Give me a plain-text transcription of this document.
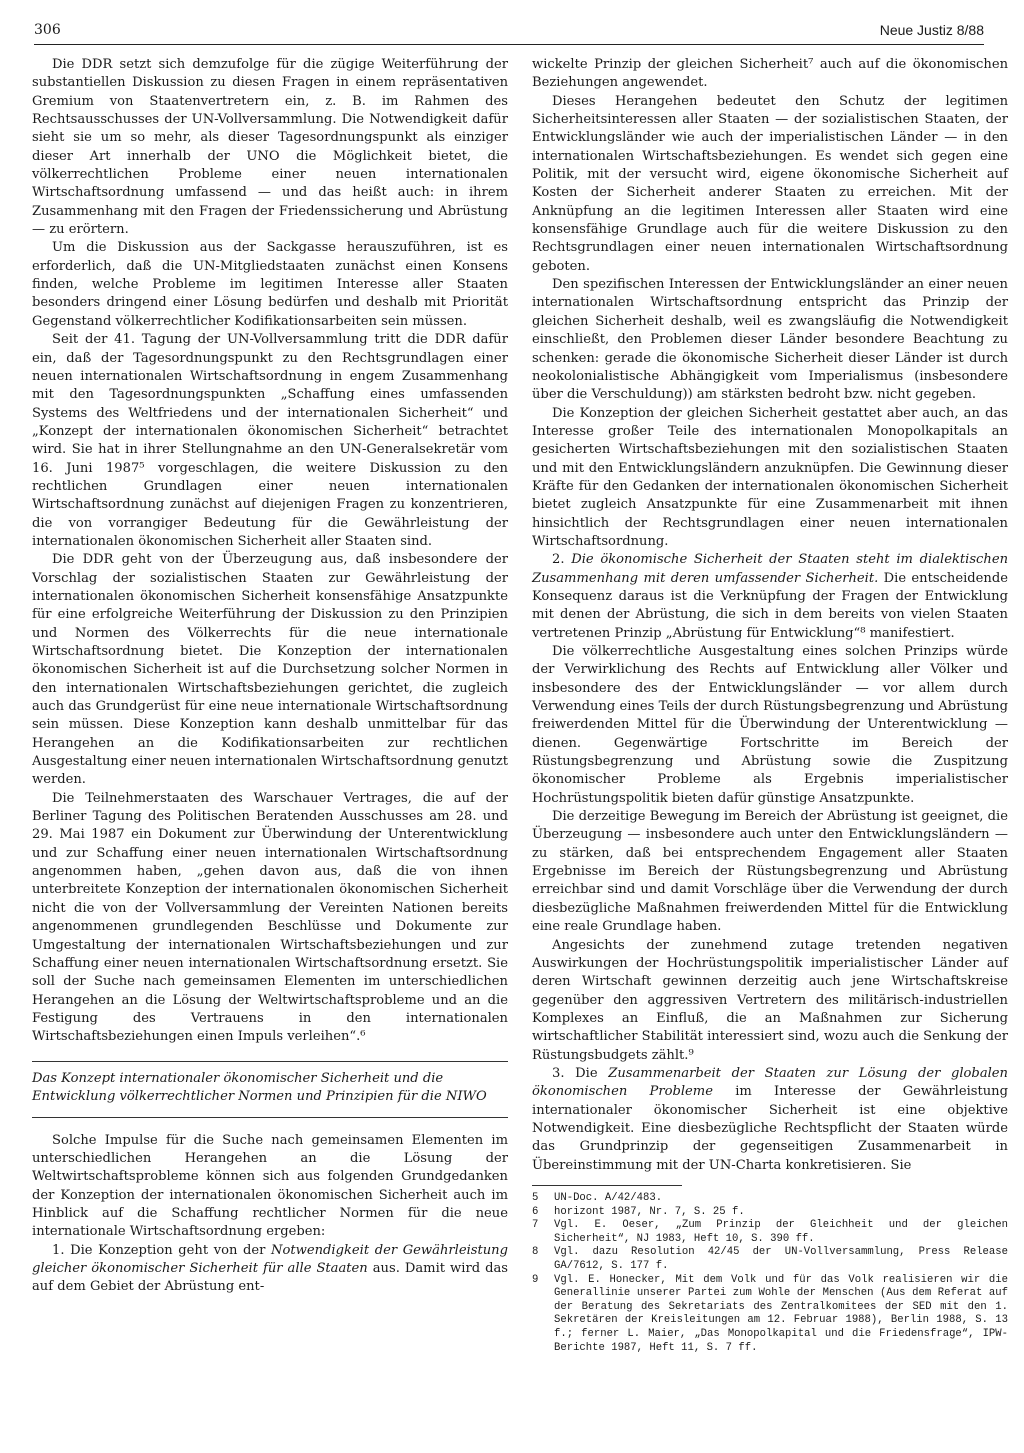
306	Neue Justiz 8/88

Die DDR setzt sich demzufolge für die zügige Weiterführung der substantiellen Diskussion zu diesen Fragen in einem repräsentativen Gremium von Staatenvertretern ein, z. B. im Rahmen des Rechtsausschusses der UN-Vollversammlung. Die Notwendigkeit dafür sieht sie um so mehr, als dieser Tagesordnungspunkt als einziger dieser Art innerhalb der UNO die Möglichkeit bietet, die völkerrechtlichen Probleme einer neuen internationalen Wirtschaftsordnung umfassend — und das heißt auch: in ihrem Zusammenhang mit den Fragen der Friedenssicherung und Abrüstung — zu erörtern.

Um die Diskussion aus der Sackgasse herauszuführen, ist es erforderlich, daß die UN-Mitgliedstaaten zunächst einen Konsens finden, welche Probleme im legitimen Interesse aller Staaten besonders dringend einer Lösung bedürfen und deshalb mit Priorität Gegenstand völkerrechtlicher Kodifikationsarbeiten sein müssen.

Seit der 41. Tagung der UN-Vollversammlung tritt die DDR dafür ein, daß der Tagesordnungspunkt zu den Rechtsgrundlagen einer neuen internationalen Wirtschaftsordnung in engem Zusammenhang mit den Tagesordnungspunkten „Schaffung eines umfassenden Systems des Weltfriedens und der internationalen Sicherheit“ und „Konzept der internationalen ökonomischen Sicherheit“ betrachtet wird. Sie hat in ihrer Stellungnahme an den UN-Generalsekretär vom 16. Juni 1987⁵ vorgeschlagen, die weitere Diskussion zu den rechtlichen Grundlagen einer neuen internationalen Wirtschaftsordnung zunächst auf diejenigen Fragen zu konzentrieren, die von vorrangiger Bedeutung für die Gewährleistung der internationalen ökonomischen Sicherheit aller Staaten sind.

Die DDR geht von der Überzeugung aus, daß insbesondere der Vorschlag der sozialistischen Staaten zur Gewährleistung der internationalen ökonomischen Sicherheit konsensfähige Ansatzpunkte für eine erfolgreiche Weiterführung der Diskussion zu den Prinzipien und Normen des Völkerrechts für die neue internationale Wirtschaftsordnung bietet. Die Konzeption der internationalen ökonomischen Sicherheit ist auf die Durchsetzung solcher Normen in den internationalen Wirtschaftsbeziehungen gerichtet, die zugleich auch das Grundgerüst für eine neue internationale Wirtschaftsordnung sein müssen. Diese Konzeption kann deshalb unmittelbar für das Herangehen an die Kodifikationsarbeiten zur rechtlichen Ausgestaltung einer neuen internationalen Wirtschaftsordnung genutzt werden.

Die Teilnehmerstaaten des Warschauer Vertrages, die auf der Berliner Tagung des Politischen Beratenden Ausschusses am 28. und 29. Mai 1987 ein Dokument zur Überwindung der Unterentwicklung und zur Schaffung einer neuen internationalen Wirtschaftsordnung angenommen haben, „gehen davon aus, daß die von ihnen unterbreitete Konzeption der internationalen ökonomischen Sicherheit nicht die von der Vollversammlung der Vereinten Nationen bereits angenommenen grundlegenden Beschlüsse und Dokumente zur Umgestaltung der internationalen Wirtschaftsbeziehungen und zur Schaffung einer neuen internationalen Wirtschaftsordnung ersetzt. Sie soll der Suche nach gemeinsamen Elementen im unterschiedlichen Herangehen an die Lösung der Weltwirtschaftsprobleme und an die Festigung des Vertrauens in den internationalen Wirtschaftsbeziehungen einen Impuls verleihen“.⁶

Das Konzept internationaler ökonomischer Sicherheit und die Entwicklung völkerrechtlicher Normen und Prinzipien für die NIWO

Solche Impulse für die Suche nach gemeinsamen Elementen im unterschiedlichen Herangehen an die Lösung der Weltwirtschaftsprobleme können sich aus folgenden Grundgedanken der Konzeption der internationalen ökonomischen Sicherheit auch im Hinblick auf die Schaffung rechtlicher Normen für die neue internationale Wirtschaftsordnung ergeben:

1. Die Konzeption geht von der Notwendigkeit der Gewährleistung gleicher ökonomischer Sicherheit für alle Staaten aus. Damit wird das auf dem Gebiet der Abrüstung ent-

wickelte Prinzip der gleichen Sicherheit⁷ auch auf die ökonomischen Beziehungen angewendet.

Dieses Herangehen bedeutet den Schutz der legitimen Sicherheitsinteressen aller Staaten — der sozialistischen Staaten, der Entwicklungsländer wie auch der imperialistischen Länder — in den internationalen Wirtschaftsbeziehungen. Es wendet sich gegen eine Politik, mit der versucht wird, eigene ökonomische Sicherheit auf Kosten der Sicherheit anderer Staaten zu erreichen. Mit der Anknüpfung an die legitimen Interessen aller Staaten wird eine konsensfähige Grundlage auch für die weitere Diskussion zu den Rechtsgrundlagen einer neuen internationalen Wirtschaftsordnung geboten.

Den spezifischen Interessen der Entwicklungsländer an einer neuen internationalen Wirtschaftsordnung entspricht das Prinzip der gleichen Sicherheit deshalb, weil es zwangsläufig die Notwendigkeit einschließt, den Problemen dieser Länder besondere Beachtung zu schenken: gerade die ökonomische Sicherheit dieser Länder ist durch neokolonialistische Abhängigkeit vom Imperialismus (insbesondere über die Verschuldung)) am stärksten bedroht bzw. nicht gegeben.

Die Konzeption der gleichen Sicherheit gestattet aber auch, an das Interesse großer Teile des internationalen Monopolkapitals an gesicherten Wirtschaftsbeziehungen mit den sozialistischen Staaten und mit den Entwicklungsländern anzuknüpfen. Die Gewinnung dieser Kräfte für den Gedanken der internationalen ökonomischen Sicherheit bietet zugleich Ansatzpunkte für eine Zusammenarbeit mit ihnen hinsichtlich der Rechtsgrundlagen einer neuen internationalen Wirtschaftsordnung.

2. Die ökonomische Sicherheit der Staaten steht im dialektischen Zusammenhang mit deren umfassender Sicherheit. Die entscheidende Konsequenz daraus ist die Verknüpfung der Fragen der Entwicklung mit denen der Abrüstung, die sich in dem bereits von vielen Staaten vertretenen Prinzip „Abrüstung für Entwicklung“⁸ manifestiert.

Die völkerrechtliche Ausgestaltung eines solchen Prinzips würde der Verwirklichung des Rechts auf Entwicklung aller Völker und insbesondere des der Entwicklungsländer — vor allem durch Verwendung eines Teils der durch Rüstungsbegrenzung und Abrüstung freiwerdenden Mittel für die Überwindung der Unterentwicklung — dienen. Gegenwärtige Fortschritte im Bereich der Rüstungsbegrenzung und Abrüstung sowie die Zuspitzung ökonomischer Probleme als Ergebnis imperialistischer Hochrüstungspolitik bieten dafür günstige Ansatzpunkte.

Die derzeitige Bewegung im Bereich der Abrüstung ist geeignet, die Überzeugung — insbesondere auch unter den Entwicklungsländern — zu stärken, daß bei entsprechendem Engagement aller Staaten Ergebnisse im Bereich der Rüstungsbegrenzung und Abrüstung erreichbar sind und damit Vorschläge über die Verwendung der durch diesbezügliche Maßnahmen freiwerdenden Mittel für die Entwicklung eine reale Grundlage haben.

Angesichts der zunehmend zutage tretenden negativen Auswirkungen der Hochrüstungspolitik imperialistischer Länder auf deren Wirtschaft gewinnen derzeitig auch jene Wirtschaftskreise gegenüber den aggressiven Vertretern des militärisch-industriellen Komplexes an Einfluß, die an Maßnahmen zur Sicherung wirtschaftlicher Stabilität interessiert sind, wozu auch die Senkung der Rüstungsbudgets zählt.⁹

3. Die Zusammenarbeit der Staaten zur Lösung der globalen ökonomischen Probleme im Interesse der Gewährleistung internationaler ökonomischer Sicherheit ist eine objektive Notwendigkeit. Eine diesbezügliche Rechtspflicht der Staaten würde das Grundprinzip der gegenseitigen Zusammenarbeit in Übereinstimmung mit der UN-Charta konkretisieren. Sie

5	UN-Doc. A/42/483.
6	horizont 1987, Nr. 7, S. 25 f.
7	Vgl. E. Oeser, „Zum Prinzip der Gleichheit und der gleichen Sicherheit“, NJ 1983, Heft 10, S. 390 ff.
8	Vgl. dazu Resolution 42/45 der UN-Vollversammlung, Press Release GA/7612, S. 177 f.
9	Vgl. E. Honecker, Mit dem Volk und für das Volk realisieren wir die Generallinie unserer Partei zum Wohle der Menschen (Aus dem Referat auf der Beratung des Sekretariats des Zentralkomitees der SED mit den 1. Sekretären der Kreisleitungen am 12. Februar 1988), Berlin 1988, S. 13 f.; ferner L. Maier, „Das Monopolkapital und die Friedensfrage“, IPW-Berichte 1987, Heft 11, S. 7 ff.
